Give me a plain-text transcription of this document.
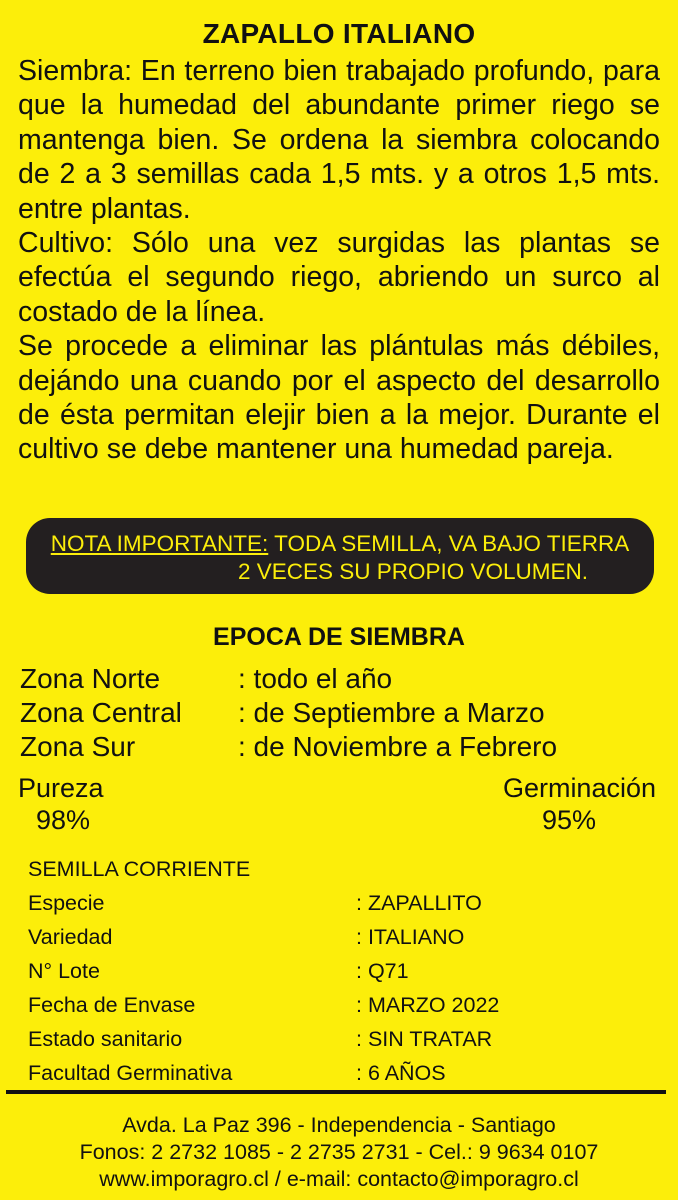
ZAPALLO ITALIANO

Siembra: En terreno bien trabajado profundo, para que la humedad del abundante primer riego se mantenga bien. Se ordena la siembra colocando de 2 a 3 semillas cada 1,5 mts. y a otros 1,5 mts. entre plantas.

Cultivo: Sólo una vez surgidas las plantas se efectúa el segundo riego, abriendo un surco al costado de la línea.

Se procede a eliminar las plántulas más débiles, dejándo una cuando por el aspecto del desarrollo de ésta permitan elejir bien a la mejor. Durante el cultivo se debe mantener una humedad pareja.

NOTA IMPORTANTE: TODA SEMILLA, VA BAJO TIERRA
2 VECES SU PROPIO VOLUMEN.
EPOCA DE SIEMBRA
Zona Norte	: todo el año
Zona Central	: de Septiembre a Marzo
Zona Sur	: de Noviembre a Febrero
Pureza
98%
Germinación
95%
SEMILLA CORRIENTE
Especie	: ZAPALLITO
Variedad	: ITALIANO
N° Lote	: Q71
Fecha de Envase	: MARZO 2022
Estado sanitario	: SIN TRATAR
Facultad Germinativa	: 6 AÑOS
Avda. La Paz 396 - Independencia - Santiago
Fonos: 2 2732 1085 - 2 2735 2731 - Cel.: 9 9634 0107
www.imporagro.cl / e-mail: contacto@imporagro.cl
